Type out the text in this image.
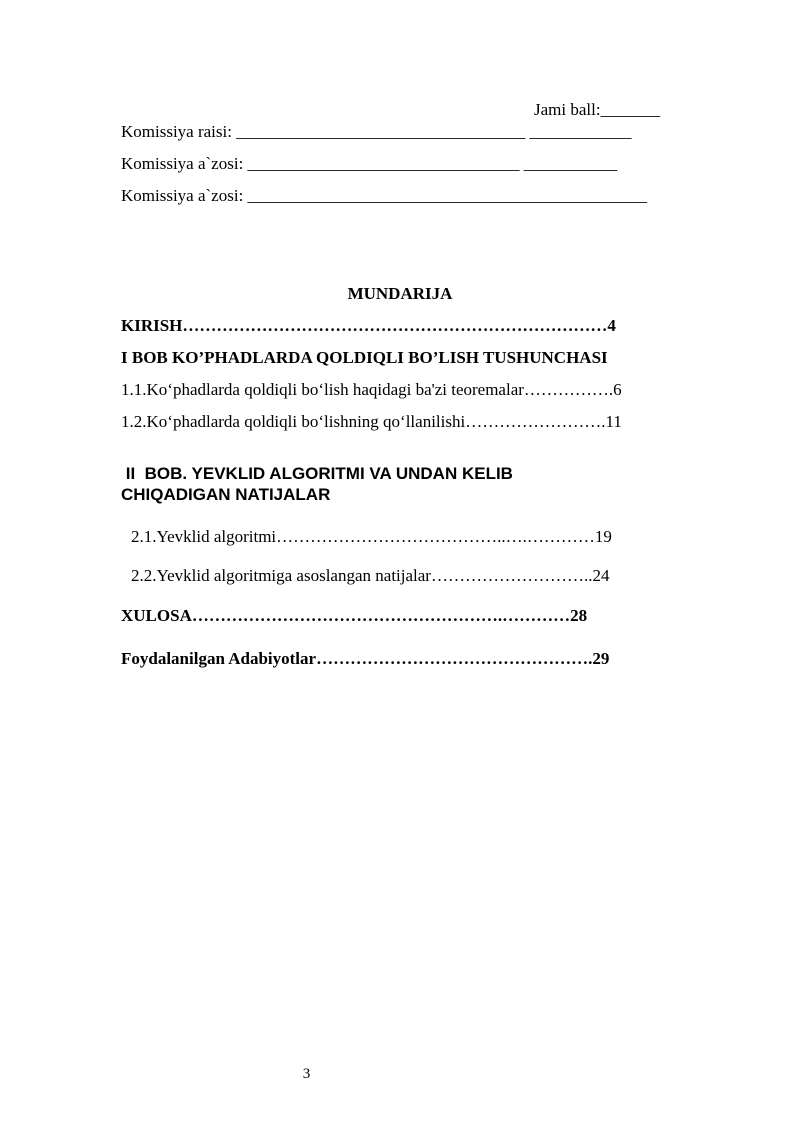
Jami ball:_______
Komissiya raisi: __________________________________ ____________
Komissiya a`zosi: ________________________________ ___________
Komissiya a`zosi: _______________________________________________
MUNDARIJA
KIRISH…………………………………………………………………4
I BOB KO’PHADLARDA QOLDIQLI BO’LISH TUSHUNCHASI
1.1.Ko‘phadlarda qoldiqli bo‘lish haqidagi ba'zi teoremalar…………….6
1.2.Ko‘phadlarda qoldiqli bo‘lishning qo‘llanilishi…………………….11
II  BOB. YEVKLID ALGORITMI VA UNDAN KELIB
CHIQADIGAN NATIJALAR
2.1.Yevklid algoritmi…………………………………..….…………19
2.2.Yevklid algoritmiga asoslangan natijalar………………………..24
XULOSA……………………………………………….…………28
Foydalanilgan Adabiyotlar………………………………………….29
3
